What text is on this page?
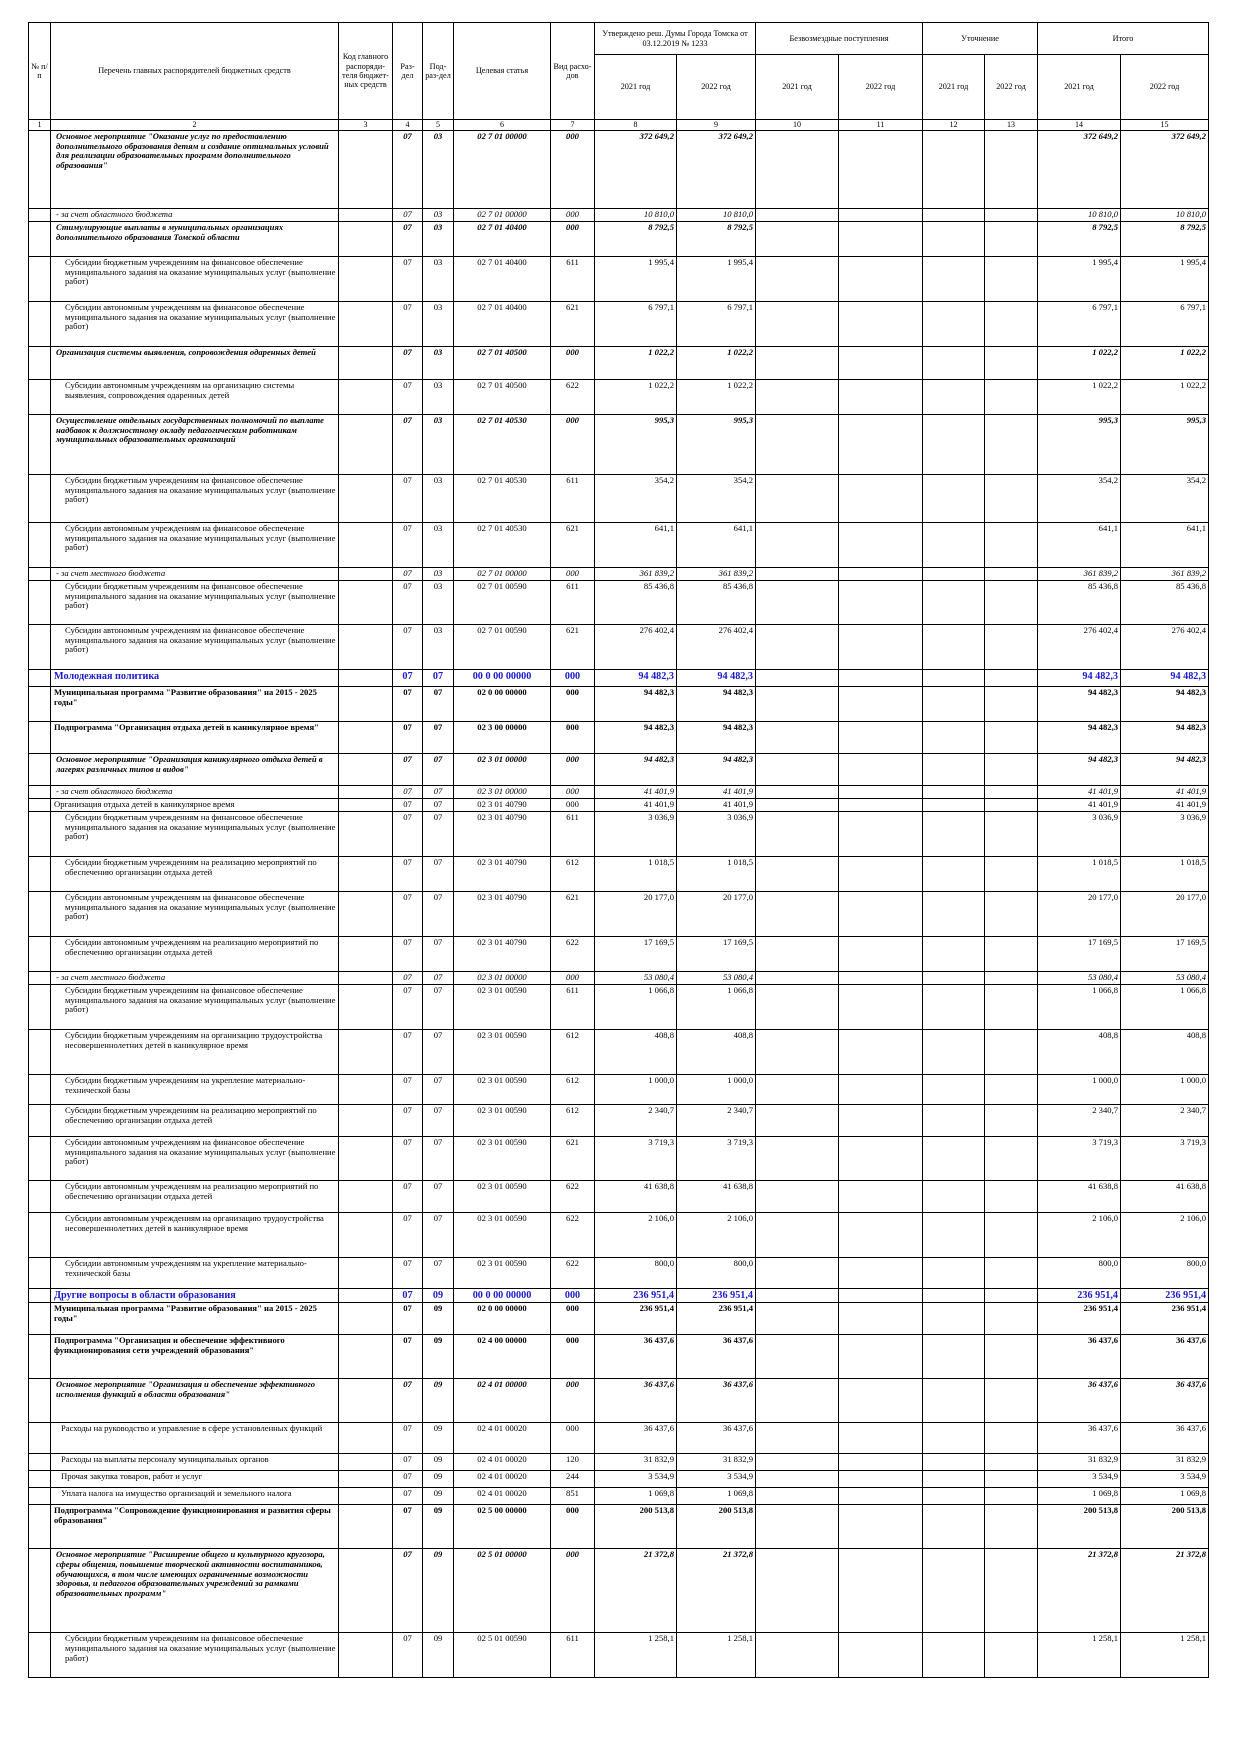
№ п/п	Перечень главных распорядителей бюджетных средств	Код главного распоряди-теля бюджет-ных средств	Раз-дел	Под-раз-дел	Целевая статья	Вид расхо-дов	Утверждено реш. Думы Города Томска от 03.12.2019 № 1233		Безвозмездные поступления		Уточнение		Итого	
							2021 год	2022 год	2021 год	2022 год	2021 год	2022 год	2021 год	2022 год
1	2	3	4	5	6	7	8	9	10	11	12	13	14	15
	Основное мероприятие "Оказание услуг по предоставлению дополнительного образования детям и создание оптимальных условий для реализации образовательных программ дополнительного образования"		07	03	02 7 01 00000	000	372 649,2	372 649,2					372 649,2	372 649,2
	- за счет областного бюджета		07	03	02 7 01 00000	000	10 810,0	10 810,0					10 810,0	10 810,0
	Стимулирующие выплаты в муниципальных организациях дополнительного образования Томской области		07	03	02 7 01 40400	000	8 792,5	8 792,5					8 792,5	8 792,5
	Субсидии бюджетным учреждениям на финансовое обеспечение муниципального задания на оказание муниципальных услуг (выполнение работ)		07	03	02 7 01 40400	611	1 995,4	1 995,4					1 995,4	1 995,4
	Субсидии автономным учреждениям на финансовое обеспечение муниципального задания на оказание муниципальных услуг (выполнение работ)		07	03	02 7 01 40400	621	6 797,1	6 797,1					6 797,1	6 797,1
	Организация системы выявления, сопровождения одаренных детей		07	03	02 7 01 40500	000	1 022,2	1 022,2					1 022,2	1 022,2
	Субсидии автономным учреждениям на организацию системы выявления, сопровождения одаренных детей		07	03	02 7 01 40500	622	1 022,2	1 022,2					1 022,2	1 022,2
	Осуществление отдельных государственных полномочий по выплате надбавок к должностному окладу педагогическим работникам муниципальных образовательных организаций		07	03	02 7 01 40530	000	995,3	995,3					995,3	995,3
	Субсидии бюджетным учреждениям на финансовое обеспечение муниципального задания на оказание муниципальных услуг (выполнение работ)		07	03	02 7 01 40530	611	354,2	354,2					354,2	354,2
	Субсидии автономным учреждениям на финансовое обеспечение муниципального задания на оказание муниципальных услуг (выполнение работ)		07	03	02 7 01 40530	621	641,1	641,1					641,1	641,1
	- за счет местного бюджета		07	03	02 7 01 00000	000	361 839,2	361 839,2					361 839,2	361 839,2
	Субсидии бюджетным учреждениям на финансовое обеспечение муниципального задания на оказание муниципальных услуг (выполнение работ)		07	03	02 7 01 00590	611	85 436,8	85 436,8					85 436,8	85 436,8
	Субсидии автономным учреждениям на финансовое обеспечение муниципального задания на оказание муниципальных услуг (выполнение работ)		07	03	02 7 01 00590	621	276 402,4	276 402,4					276 402,4	276 402,4
	Молодежная политика		07	07	00 0 00 00000	000	94 482,3	94 482,3					94 482,3	94 482,3
	Муниципальная программа "Развитие образования" на 2015 - 2025 годы"		07	07	02 0 00 00000	000	94 482,3	94 482,3					94 482,3	94 482,3
	Подпрограмма "Организация отдыха детей в каникулярное время"		07	07	02 3 00 00000	000	94 482,3	94 482,3					94 482,3	94 482,3
	Основное мероприятие "Организация каникулярного отдыха детей в лагерях различных типов и видов"		07	07	02 3 01 00000	000	94 482,3	94 482,3					94 482,3	94 482,3
	- за счет областного бюджета		07	07	02 3 01 00000	000	41 401,9	41 401,9					41 401,9	41 401,9
	Организация отдыха детей в каникулярное время		07	07	02 3 01 40790	000	41 401,9	41 401,9					41 401,9	41 401,9
	Субсидии бюджетным учреждениям на финансовое обеспечение муниципального задания на оказание муниципальных услуг (выполнение работ)		07	07	02 3 01 40790	611	3 036,9	3 036,9					3 036,9	3 036,9
	Субсидии бюджетным учреждениям на реализацию мероприятий по обеспечению организации отдыха детей		07	07	02 3 01 40790	612	1 018,5	1 018,5					1 018,5	1 018,5
	Субсидии автономным учреждениям на финансовое обеспечение муниципального задания на оказание муниципальных услуг (выполнение работ)		07	07	02 3 01 40790	621	20 177,0	20 177,0					20 177,0	20 177,0
	Субсидии автономным учреждениям на реализацию мероприятий по обеспечению организации отдыха детей		07	07	02 3 01 40790	622	17 169,5	17 169,5					17 169,5	17 169,5
	- за счет местного бюджета		07	07	02 3 01 00000	000	53 080,4	53 080,4					53 080,4	53 080,4
	Субсидии бюджетным учреждениям на финансовое обеспечение муниципального задания на оказание муниципальных услуг (выполнение работ)		07	07	02 3 01 00590	611	1 066,8	1 066,8					1 066,8	1 066,8
	Субсидии бюджетным учреждениям на организацию трудоустройства несовершеннолетних детей в каникулярное время		07	07	02 3 01 00590	612	408,8	408,8					408,8	408,8
	Субсидии бюджетным учреждениям на укрепление материально-технической базы		07	07	02 3 01 00590	612	1 000,0	1 000,0					1 000,0	1 000,0
	Субсидии бюджетным учреждениям на реализацию мероприятий по обеспечению организации отдыха детей		07	07	02 3 01 00590	612	2 340,7	2 340,7					2 340,7	2 340,7
	Субсидии автономным учреждениям на финансовое обеспечение муниципального задания на оказание муниципальных услуг (выполнение работ)		07	07	02 3 01 00590	621	3 719,3	3 719,3					3 719,3	3 719,3
	Субсидии автономным учреждениям на реализацию мероприятий по обеспечению организации отдыха детей		07	07	02 3 01 00590	622	41 638,8	41 638,8					41 638,8	41 638,8
	Субсидии автономным учреждениям на организацию трудоустройства несовершеннолетних детей в каникулярное время		07	07	02 3 01 00590	622	2 106,0	2 106,0					2 106,0	2 106,0
	Субсидии автономным учреждениям на укрепление материально-технической базы		07	07	02 3 01 00590	622	800,0	800,0					800,0	800,0
	Другие вопросы в области образования		07	09	00 0 00 00000	000	236 951,4	236 951,4					236 951,4	236 951,4
	Муниципальная программа "Развитие образования" на 2015 - 2025 годы"		07	09	02 0 00 00000	000	236 951,4	236 951,4					236 951,4	236 951,4
	Подпрограмма "Организация и обеспечение эффективного функционирования сети учреждений образования"		07	09	02 4 00 00000	000	36 437,6	36 437,6					36 437,6	36 437,6
	Основное мероприятие "Организация и обеспечение эффективного исполнения функций в области образования"		07	09	02 4 01 00000	000	36 437,6	36 437,6					36 437,6	36 437,6
	Расходы на руководство и управление в сфере установленных функций		07	09	02 4 01 00020	000	36 437,6	36 437,6					36 437,6	36 437,6
	Расходы на выплаты персоналу муниципальных органов		07	09	02 4 01 00020	120	31 832,9	31 832,9					31 832,9	31 832,9
	Прочая закупка товаров, работ и услуг		07	09	02 4 01 00020	244	3 534,9	3 534,9					3 534,9	3 534,9
	Уплата налога на имущество организаций и земельного налога		07	09	02 4 01 00020	851	1 069,8	1 069,8					1 069,8	1 069,8
	Подпрограмма "Сопровождение функционирования и развития сферы образования"		07	09	02 5 00 00000	000	200 513,8	200 513,8					200 513,8	200 513,8
	Основное мероприятие "Расширение общего и культурного кругозора, сферы общения, повышение творческой активности воспитанников, обучающихся, в том числе имеющих ограниченные возможности здоровья, и педагогов образовательных учреждений за рамками образовательных программ"		07	09	02 5 01 00000	000	21 372,8	21 372,8					21 372,8	21 372,8
	Субсидии бюджетным учреждениям на финансовое обеспечение муниципального задания на оказание муниципальных услуг (выполнение работ)		07	09	02 5 01 00590	611	1 258,1	1 258,1					1 258,1	1 258,1
